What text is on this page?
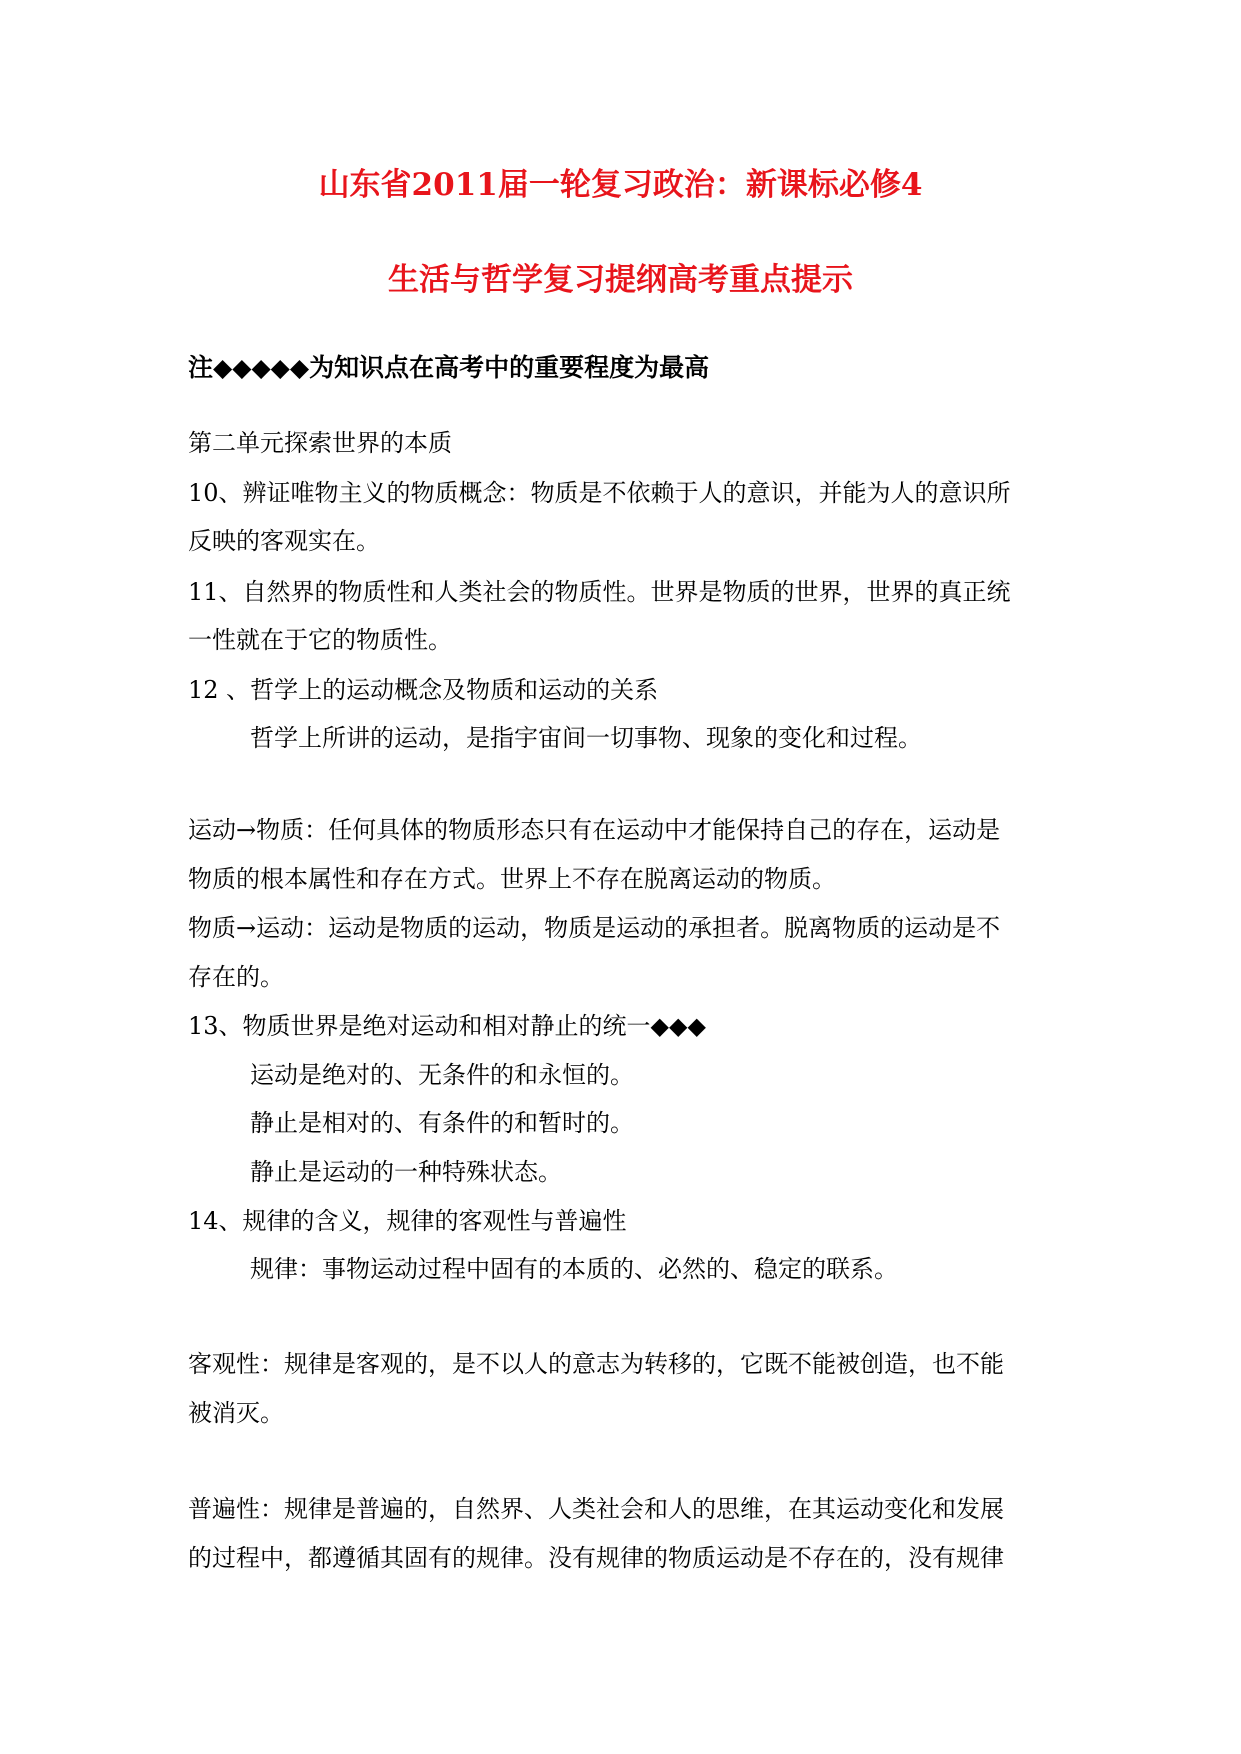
山东省2011届一轮复习政治：新课标必修4
生活与哲学复习提纲高考重点提示
注◆◆◆◆◆为知识点在高考中的重要程度为最高
第二单元探索世界的本质
10、辨证唯物主义的物质概念：物质是不依赖于人的意识，并能为人的意识所
反映的客观实在。
11、自然界的物质性和人类社会的物质性。世界是物质的世界，世界的真正统
一性就在于它的物质性。
12 、哲学上的运动概念及物质和运动的关系
哲学上所讲的运动，是指宇宙间一切事物、现象的变化和过程。
运动→物质：任何具体的物质形态只有在运动中才能保持自己的存在，运动是
物质的根本属性和存在方式。世界上不存在脱离运动的物质。
物质→运动：运动是物质的运动，物质是运动的承担者。脱离物质的运动是不
存在的。
13、物质世界是绝对运动和相对静止的统一◆◆◆
运动是绝对的、无条件的和永恒的。
静止是相对的、有条件的和暂时的。
静止是运动的一种特殊状态。
14、规律的含义，规律的客观性与普遍性
规律：事物运动过程中固有的本质的、必然的、稳定的联系。
客观性：规律是客观的，是不以人的意志为转移的，它既不能被创造，也不能
被消灭。
普遍性：规律是普遍的，自然界、人类社会和人的思维，在其运动变化和发展
的过程中，都遵循其固有的规律。没有规律的物质运动是不存在的，没有规律
